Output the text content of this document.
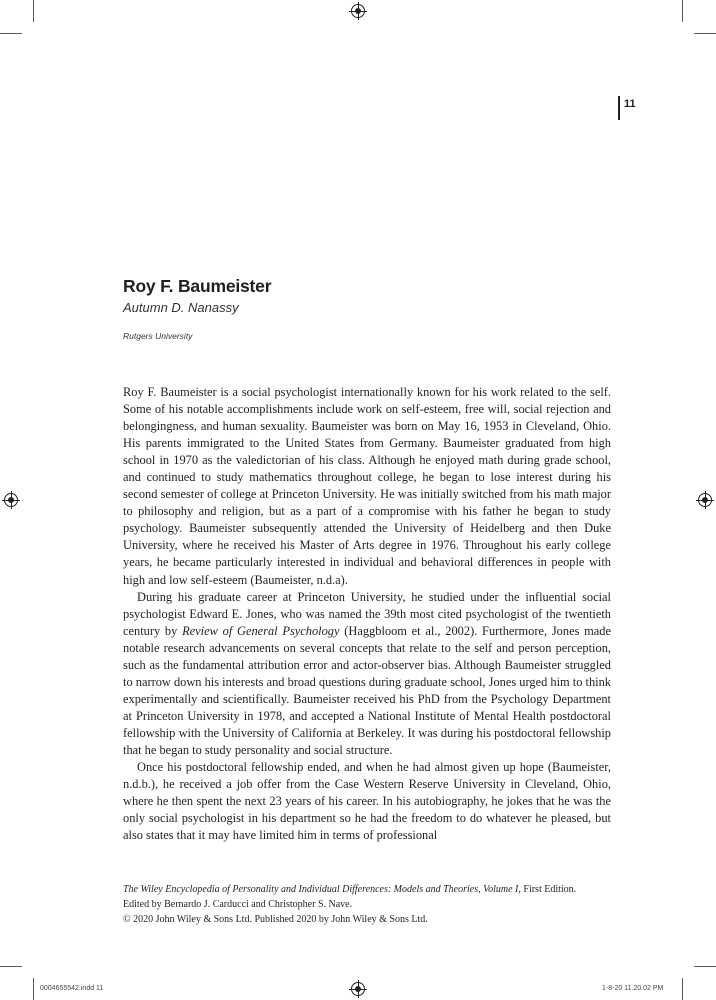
11
Roy F. Baumeister
Autumn D. Nanassy
Rutgers University

Roy F. Baumeister is a social psychologist internationally known for his work related to the self. Some of his notable accomplishments include work on self-esteem, free will, social rejection and belongingness, and human sexuality. Baumeister was born on May 16, 1953 in Cleveland, Ohio. His parents immigrated to the United States from Germany. Baumeister graduated from high school in 1970 as the valedictorian of his class. Although he enjoyed math during grade school, and continued to study mathematics throughout college, he began to lose interest during his second semester of college at Princeton University. He was initially switched from his math major to philosophy and religion, but as a part of a compromise with his father he began to study psychology. Baumeister subsequently attended the University of Heidelberg and then Duke University, where he received his Master of Arts degree in 1976. Throughout his early college years, he became particularly interested in individual and behavioral differences in people with high and low self-esteem (Baumeister, n.d.a).

During his graduate career at Princeton University, he studied under the influential social psychologist Edward E. Jones, who was named the 39th most cited psychologist of the twentieth century by Review of General Psychology (Haggbloom et al., 2002). Furthermore, Jones made notable research advancements on several concepts that relate to the self and person perception, such as the fundamental attribution error and actor-observer bias. Although Baumeister struggled to narrow down his interests and broad questions during graduate school, Jones urged him to think experimentally and scientifically. Baumeister received his PhD from the Psychology Department at Princeton University in 1978, and accepted a National Institute of Mental Health postdoctoral fellowship with the University of California at Berkeley. It was during his postdoctoral fellowship that he began to study personality and social structure.

Once his postdoctoral fellowship ended, and when he had almost given up hope (Baumeister, n.d.b.), he received a job offer from the Case Western Reserve University in Cleveland, Ohio, where he then spent the next 23 years of his career. In his autobiography, he jokes that he was the only social psychologist in his department so he had the freedom to do whatever he pleased, but also states that it may have limited him in terms of professional

The Wiley Encyclopedia of Personality and Individual Differences: Models and Theories, Volume I, First Edition.
Edited by Bernardo J. Carducci and Christopher S. Nave.
© 2020 John Wiley & Sons Ltd. Published 2020 by John Wiley & Sons Ltd.
0004655542.indd 11	1-8-20 11.20.02 PM
